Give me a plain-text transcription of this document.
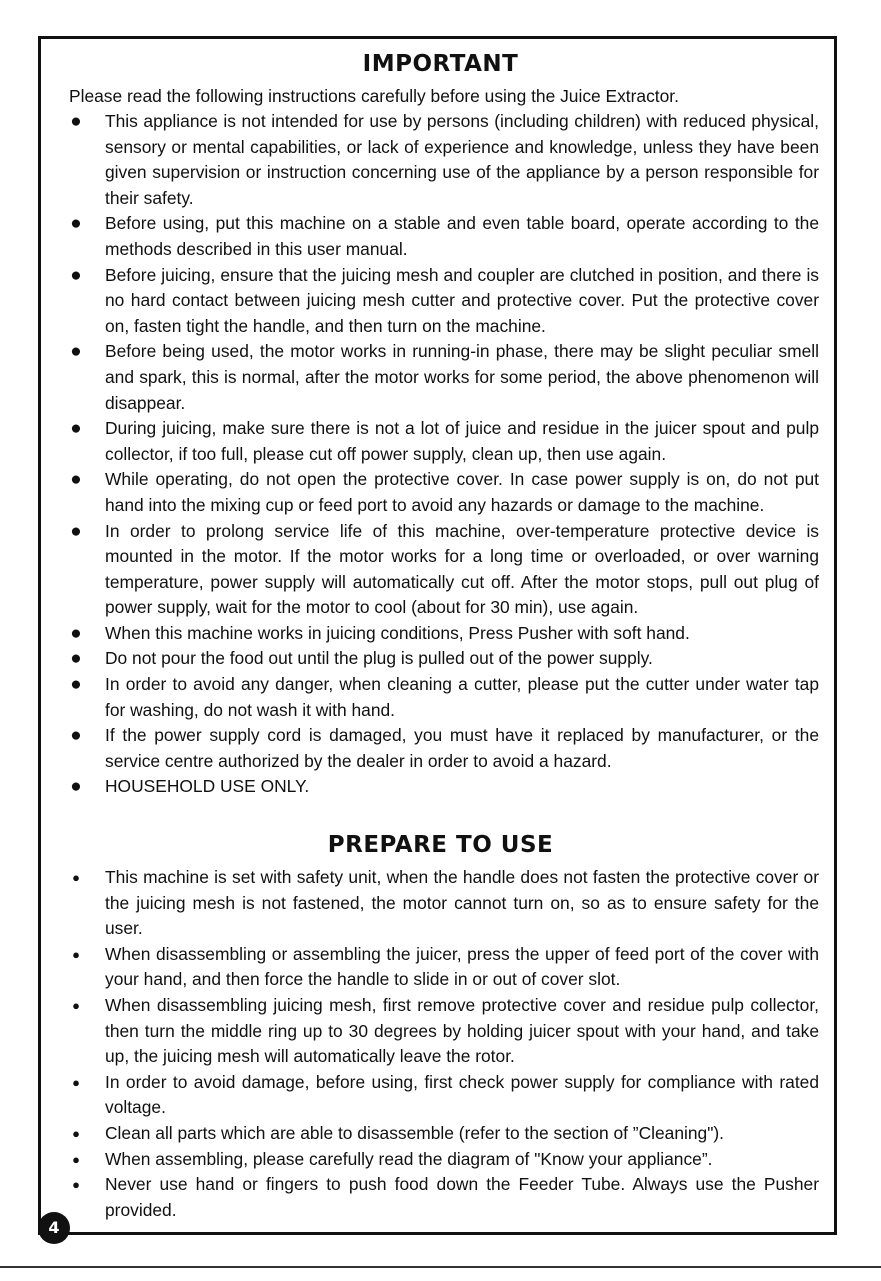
IMPORTANT

Please read the following instructions carefully before using the Juice Extractor.

● This appliance is not intended for use by persons (including children) with reduced physical, sensory or mental capabilities, or lack of experience and knowledge, unless they have been given supervision or instruction concerning use of the appliance by a person responsible for their safety.
● Before using, put this machine on a stable and even table board, operate according to the methods described in this user manual.
● Before juicing, ensure that the juicing mesh and coupler are clutched in position, and there is no hard contact between juicing mesh cutter and protective cover. Put the protective cover on, fasten tight the handle, and then turn on the machine.
● Before being used, the motor works in running-in phase, there may be slight peculiar smell and spark, this is normal, after the motor works for some period, the above phenomenon will disappear.
● During juicing, make sure there is not a lot of juice and residue in the juicer spout and pulp collector, if too full, please cut off power supply, clean up, then use again.
● While operating, do not open the protective cover. In case power supply is on, do not put hand into the mixing cup or feed port to avoid any hazards or damage to the machine.
● In order to prolong service life of this machine, over-temperature protective device is mounted in the motor. If the motor works for a long time or overloaded, or over warning temperature, power supply will automatically cut off. After the motor stops, pull out plug of power supply, wait for the motor to cool (about for 30 min), use again.
● When this machine works in juicing conditions, Press Pusher with soft hand.
● Do not pour the food out until the plug is pulled out of the power supply.
● In order to avoid any danger, when cleaning a cutter, please put the cutter under water tap for washing, do not wash it with hand.
● If the power supply cord is damaged, you must have it replaced by manufacturer, or the service centre authorized by the dealer in order to avoid a hazard.
● HOUSEHOLD USE ONLY.
PREPARE TO USE
● This machine is set with safety unit, when the handle does not fasten the protective cover or the juicing mesh is not fastened, the motor cannot turn on, so as to ensure safety for the user.
● When disassembling or assembling the juicer, press the upper of feed port of the cover with your hand, and then force the handle to slide in or out of cover slot.
● When disassembling juicing mesh, first remove protective cover and residue pulp collector, then turn the middle ring up to 30 degrees by holding juicer spout with your hand, and take up, the juicing mesh will automatically leave the rotor.
● In order to avoid damage, before using, first check power supply for compliance with rated voltage.
● Clean all parts which are able to disassemble (refer to the section of ”Cleaning").
● When assembling, please carefully read the diagram of "Know your appliance”.
● Never use hand or fingers to push food down the Feeder Tube. Always use the Pusher provided.
4
